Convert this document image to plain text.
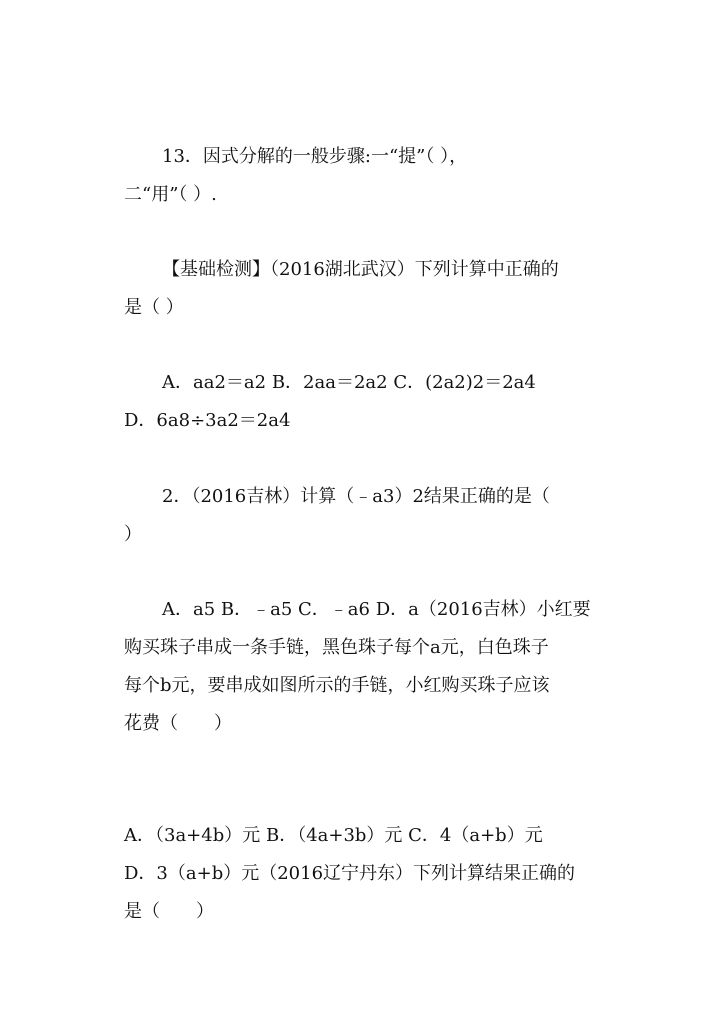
13．因式分解的一般步骤:一“提”（ ），
二“用”（ ）.
【基础检测】（2016湖北武汉）下列计算中正确的
是（ ）
A．aa2＝a2 B．2aa＝2a2 C．(2a2)2＝2a4
D．6a8÷3a2＝2a4
2．（2016吉林）计算（﹣a3）2结果正确的是（
）
A．a5 B．﹣a5 C．﹣a6 D．a（2016吉林）小红要
购买珠子串成一条手链，黑色珠子每个a元，白色珠子
每个b元，要串成如图所示的手链，小红购买珠子应该
花费（　　）
A．（3a+4b）元 B．（4a+3b）元 C．4（a+b）元
D．3（a+b）元（2016辽宁丹东）下列计算结果正确的
是（　　）
